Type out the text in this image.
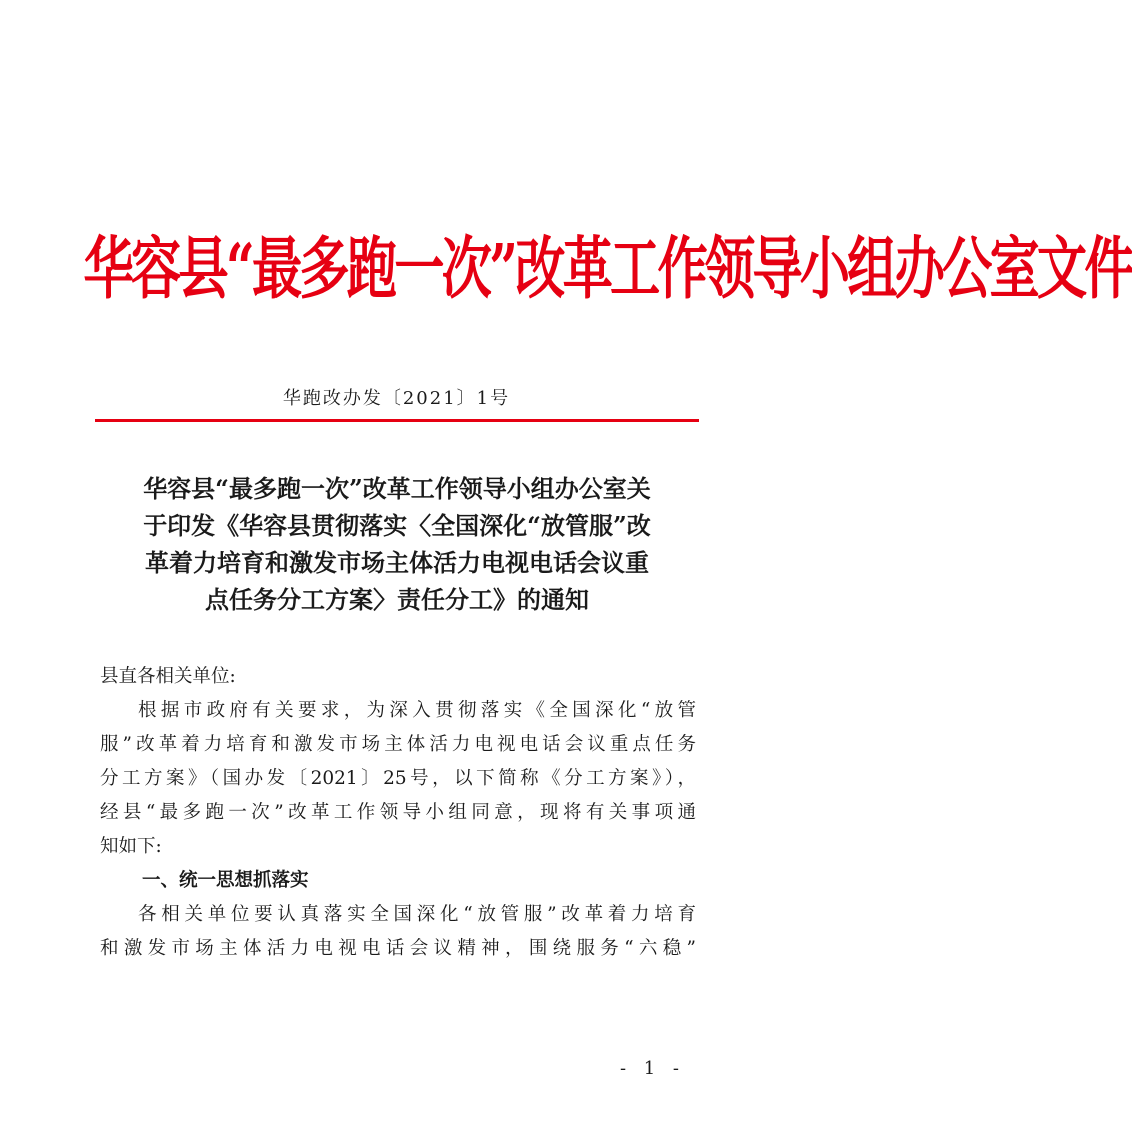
华容县“最多跑一次”改革工作领导小组办公室文件
华跑改办发〔2021〕1号
华容县“最多跑一次”改革工作领导小组办公室关
于印发《华容县贯彻落实〈全国深化“放管服”改
革着力培育和激发市场主体活力电视电话会议重
点任务分工方案〉责任分工》的通知
县直各相关单位:
根据市政府有关要求，为深入贯彻落实《全国深化“放管
服”改革着力培育和激发市场主体活力电视电话会议重点任务
分工方案》（国办发〔2021〕25号，以下简称《分工方案》），
经县“最多跑一次”改革工作领导小组同意，现将有关事项通
知如下:
一、统一思想抓落实
各相关单位要认真落实全国深化“放管服”改革着力培育
和激发市场主体活力电视电话会议精神，围绕服务“六稳”
- 1 -
